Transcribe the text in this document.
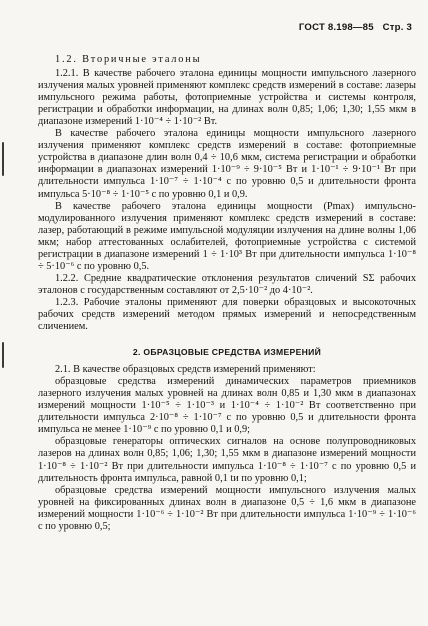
ГОСТ 8.198—85 Стр. 3

1.2. Вторичные эталоны

1.2.1. В качестве рабочего эталона единицы мощности импульсного лазерного излучения малых уровней применяют комплекс средств измерений в составе: лазеры импульсного режима работы, фотоприемные устройства и системы контроля, регистрации и обработки информации, на длинах волн 0,85; 1,06; 1,30; 1,55 мкм в диапазоне измерений 1·10⁻⁴ ÷ 1·10⁻² Вт.

В качестве рабочего эталона единицы мощности импульсного лазерного излучения применяют комплекс средств измерений в составе: фотоприемные устройства в диапазоне длин волн 0,4 ÷ 10,6 мкм, система регистрации и обработки информации в диапазонах измерений 1·10⁻⁹ ÷ 9·10⁻⁵ Вт и 1·10⁻¹ ÷ 9·10⁻¹ Вт при длительности импульса 1·10⁻⁷ ÷ 1·10⁻⁴ с по уровню 0,5 и длительности фронта импульса 5·10⁻⁸ ÷ 1·10⁻⁵ с по уровню 0,1 и 0,9.

В качестве рабочего эталона единицы мощности (Pmax) импульсно-модулированного излучения применяют комплекс средств измерений в составе: лазер, работающий в режиме импульсной модуляции излучения на длине волны 1,06 мкм; набор аттестованных ослабителей, фотоприемные устройства с системой регистрации в диапазоне измерений 1 ÷ 1·10³ Вт при длительности импульса 1·10⁻⁸ ÷ 5·10⁻⁶ с по уровню 0,5.

1.2.2. Средние квадратические отклонения результатов сличений SΣ рабочих эталонов с государственным составляют от 2,5·10⁻² до 4·10⁻².

1.2.3. Рабочие эталоны применяют для поверки образцовых и высокоточных рабочих средств измерений методом прямых измерений и непосредственным сличением.

2. ОБРАЗЦОВЫЕ СРЕДСТВА ИЗМЕРЕНИЙ

2.1. В качестве образцовых средств измерений применяют:

образцовые средства измерений динамических параметров приемников лазерного излучения малых уровней на длинах волн 0,85 и 1,30 мкм в диапазонах измерений мощности 1·10⁻⁵ ÷ 1·10⁻³ и 1·10⁻⁴ ÷ 1·10⁻² Вт соответственно при длительности импульса 2·10⁻⁸ ÷ 1·10⁻⁷ с по уровню 0,5 и длительности фронта импульса не менее 1·10⁻⁹ с по уровню 0,1 и 0,9;

образцовые генераторы оптических сигналов на основе полупроводниковых лазеров на длинах волн 0,85; 1,06; 1,30; 1,55 мкм в диапазоне измерений мощности 1·10⁻⁸ ÷ 1·10⁻² Вт при длительности импульса 1·10⁻⁸ ÷ 1·10⁻⁷ с по уровню 0,5 и длительность фронта импульса, равной 0,1 tи по уровню 0,1;

образцовые средства измерений мощности импульсного излучения малых уровней на фиксированных длинах волн в диапазоне 0,5 ÷ 1,6 мкм в диапазоне измерений мощности 1·10⁻⁶ ÷ 1·10⁻² Вт при длительности импульса 1·10⁻⁹ ÷ 1·10⁻⁶ с по уровню 0,5;
